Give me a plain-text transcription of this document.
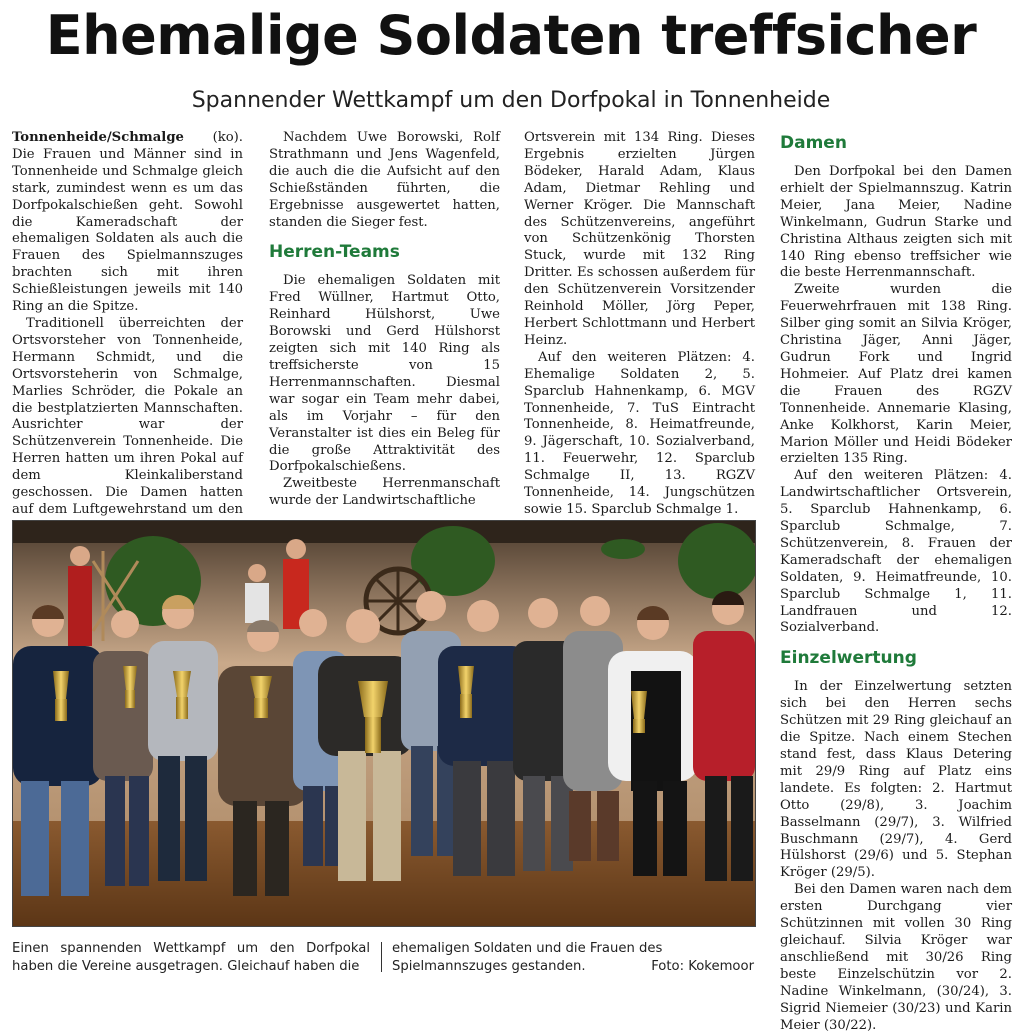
Ehemalige Soldaten treffsicher
Spannender Wettkampf um den Dorfpokal in Tonnenheide

Tonnenheide/Schmalge (ko). Die Frauen und Männer sind in Tonnenheide und Schmalge gleich stark, zumindest wenn es um das Dorfpokalschießen geht. Sowohl die Kameradschaft der ehemaligen Soldaten als auch die Frauen des Spielmannszuges brachten sich mit ihren Schießleistungen jeweils mit 140 Ring an die Spitze.

Traditionell überreichten der Ortsvorsteher von Tonnenheide, Hermann Schmidt, und die Ortsvorsteherin von Schmalge, Marlies Schröder, die Pokale an die bestplatzierten Mannschaften. Ausrichter war der Schützenverein Tonnenheide. Die Herren hatten um ihren Pokal auf dem Kleinkaliberstand geschossen. Die Damen hatten auf dem Luftgewehrstand um den

Nachdem Uwe Borowski, Rolf Strathmann und Jens Wagenfeld, die auch die die Aufsicht auf den Schießständen führten, die Ergebnisse ausgewertet hatten, standen die Sieger fest.

Herren-Teams

Die ehemaligen Soldaten mit Fred Wüllner, Hartmut Otto, Reinhard Hülshorst, Uwe Borowski und Gerd Hülshorst zeigten sich mit 140 Ring als treffsicherste von 15 Herrenmannschaften. Diesmal war sogar ein Team mehr dabei, als im Vorjahr – für den Veranstalter ist dies ein Beleg für die große Attraktivität des Dorfpokalschießens.

Zweitbeste Herrenmanschaft wurde der Landwirtschaftliche

Ortsverein mit 134 Ring. Dieses Ergebnis erzielten Jürgen Bödeker, Harald Adam, Klaus Adam, Dietmar Rehling und Werner Kröger. Die Mannschaft des Schützenvereins, angeführt von Schützenkönig Thorsten Stuck, wurde mit 132 Ring Dritter. Es schossen außerdem für den Schützenverein Vorsitzender Reinhold Möller, Jörg Peper, Herbert Schlottmann und Herbert Heinz.

Auf den weiteren Plätzen: 4. Ehemalige Soldaten 2, 5. Sparclub Hahnenkamp, 6. MGV Tonnenheide, 7. TuS Eintracht Tonnenheide, 8. Heimatfreunde, 9. Jägerschaft, 10. Sozialverband, 11. Feuerwehr, 12. Sparclub Schmalge II, 13. RGZV Tonnenheide, 14. Jungschützen sowie 15. Sparclub Schmalge 1.

Damen

Den Dorfpokal bei den Damen erhielt der Spielmannszug. Katrin Meier, Jana Meier, Nadine Winkelmann, Gudrun Starke und Christina Althaus zeigten sich mit 140 Ring ebenso treffsicher wie die beste Herrenmannschaft.

Zweite wurden die Feuerwehrfrauen mit 138 Ring. Silber ging somit an Silvia Kröger, Christina Jäger, Anni Jäger, Gudrun Fork und Ingrid Hohmeier. Auf Platz drei kamen die Frauen des RGZV Tonnenheide. Annemarie Klasing, Anke Kolkhorst, Karin Meier, Marion Möller und Heidi Bödeker erzielten 135 Ring.

Auf den weiteren Plätzen: 4. Landwirtschaftlicher Ortsverein, 5. Sparclub Hahnenkamp, 6. Sparclub Schmalge, 7. Schützenverein, 8. Frauen der Kameradschaft der ehemaligen Soldaten, 9. Heimatfreunde, 10. Sparclub Schmalge 1, 11. Landfrauen und 12. Sozialverband.

Einzelwertung

In der Einzelwertung setzten sich bei den Herren sechs Schützen mit 29 Ring gleichauf an die Spitze. Nach einem Stechen stand fest, dass Klaus Detering mit 29/9 Ring auf Platz eins landete. Es folgten: 2. Hartmut Otto (29/8), 3. Joachim Basselmann (29/7), 3. Wilfried Buschmann (29/7), 4. Gerd Hülshorst (29/6) und 5. Stephan Kröger (29/5).

Bei den Damen waren nach dem ersten Durchgang vier Schützinnen mit vollen 30 Ring gleichauf. Silvia Kröger war anschließend mit 30/26 Ring beste Einzelschützin vor 2. Nadine Winkelmann, (30/24), 3. Sigrid Niemeier (30/23) und Karin Meier (30/22).

Einen spannenden Wettkampf um den Dorfpokal haben die Vereine ausgetragen. Gleichauf haben die
ehemaligen Soldaten und die Frauen des Spielmannszuges gestanden.	Foto: Kokemoor
